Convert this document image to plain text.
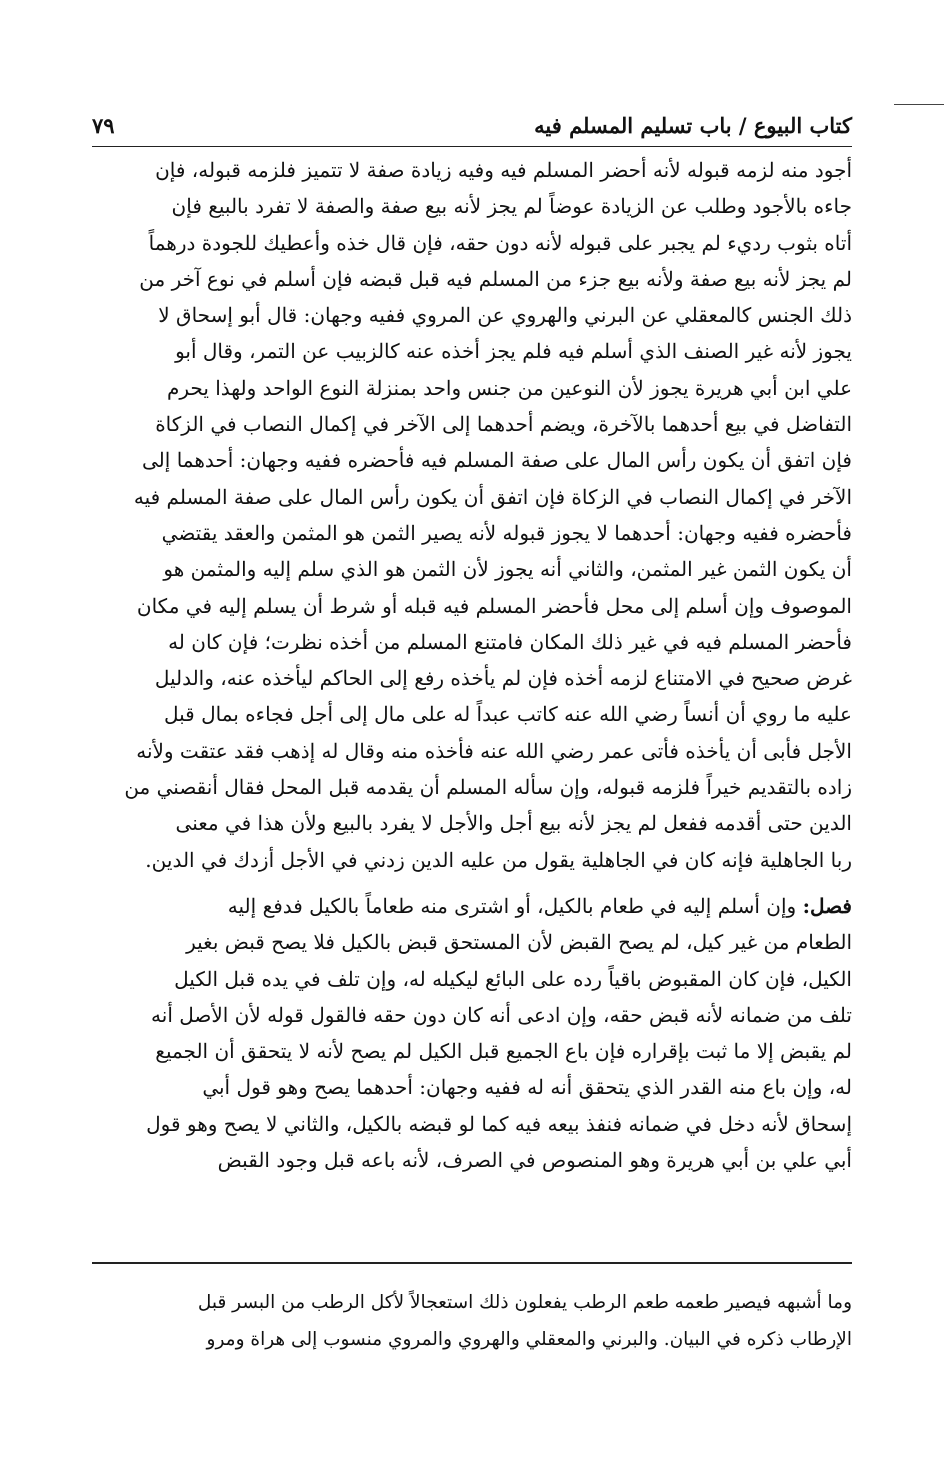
كتاب البيوع / باب تسليم المسلم فيه
٧٩

أجود منه لزمه قبوله لأنه أحضر المسلم فيه وفيه زيادة صفة لا تتميز فلزمه قبوله، فإن
جاءه بالأجود وطلب عن الزيادة عوضاً لم يجز لأنه بيع صفة والصفة لا تفرد بالبيع فإن
أتاه بثوب رديء لم يجبر على قبوله لأنه دون حقه، فإن قال خذه وأعطيك للجودة درهماً
لم يجز لأنه بيع صفة ولأنه بيع جزء من المسلم فيه قبل قبضه فإن أسلم في نوع آخر من
ذلك الجنس كالمعقلي عن البرني والهروي عن المروي ففيه وجهان: قال أبو إسحاق لا
يجوز لأنه غير الصنف الذي أسلم فيه فلم يجز أخذه عنه كالزبيب عن التمر، وقال أبو
علي ابن أبي هريرة يجوز لأن النوعين من جنس واحد بمنزلة النوع الواحد ولهذا يحرم
التفاضل في بيع أحدهما بالآخرة، ويضم أحدهما إلى الآخر في إكمال النصاب في الزكاة
فإن اتفق أن يكون رأس المال على صفة المسلم فيه فأحضره ففيه وجهان: أحدهما إلى
الآخر في إكمال النصاب في الزكاة فإن اتفق أن يكون رأس المال على صفة المسلم فيه
فأحضره ففيه وجهان: أحدهما لا يجوز قبوله لأنه يصير الثمن هو المثمن والعقد يقتضي
أن يكون الثمن غير المثمن، والثاني أنه يجوز لأن الثمن هو الذي سلم إليه والمثمن هو
الموصوف وإن أسلم إلى محل فأحضر المسلم فيه قبله أو شرط أن يسلم إليه في مكان
فأحضر المسلم فيه في غير ذلك المكان فامتنع المسلم من أخذه نظرت؛ فإن كان له
غرض صحيح في الامتناع لزمه أخذه فإن لم يأخذه رفع إلى الحاكم ليأخذه عنه، والدليل
عليه ما روي أن أنساً رضي الله عنه كاتب عبداً له على مال إلى أجل فجاءه بمال قبل
الأجل فأبى أن يأخذه فأتى عمر رضي الله عنه فأخذه منه وقال له إذهب فقد عتقت ولأنه
زاده بالتقديم خيراً فلزمه قبوله، وإن سأله المسلم أن يقدمه قبل المحل فقال أنقصني من
الدين حتى أقدمه ففعل لم يجز لأنه بيع أجل والأجل لا يفرد بالبيع ولأن هذا في معنى
ربا الجاهلية فإنه كان في الجاهلية يقول من عليه الدين زدني في الأجل أزدك في الدين.

فصل: وإن أسلم إليه في طعام بالكيل، أو اشترى منه طعاماً بالكيل فدفع إليه
الطعام من غير كيل، لم يصح القبض لأن المستحق قبض بالكيل فلا يصح قبض بغير
الكيل، فإن كان المقبوض باقياً رده على البائع ليكيله له، وإن تلف في يده قبل الكيل
تلف من ضمانه لأنه قبض حقه، وإن ادعى أنه كان دون حقه فالقول قوله لأن الأصل أنه
لم يقبض إلا ما ثبت بإقراره فإن باع الجميع قبل الكيل لم يصح لأنه لا يتحقق أن الجميع
له، وإن باع منه القدر الذي يتحقق أنه له ففيه وجهان: أحدهما يصح وهو قول أبي
إسحاق لأنه دخل في ضمانه فنفذ بيعه فيه كما لو قبضه بالكيل، والثاني لا يصح وهو قول
أبي علي بن أبي هريرة وهو المنصوص في الصرف، لأنه باعه قبل وجود القبض

وما أشبهه فيصير طعمه طعم الرطب يفعلون ذلك استعجالاً لأكل الرطب من البسر قبل
الإرطاب ذكره في البيان. والبرني والمعقلي والهروي والمروي منسوب إلى هراة ومرو
